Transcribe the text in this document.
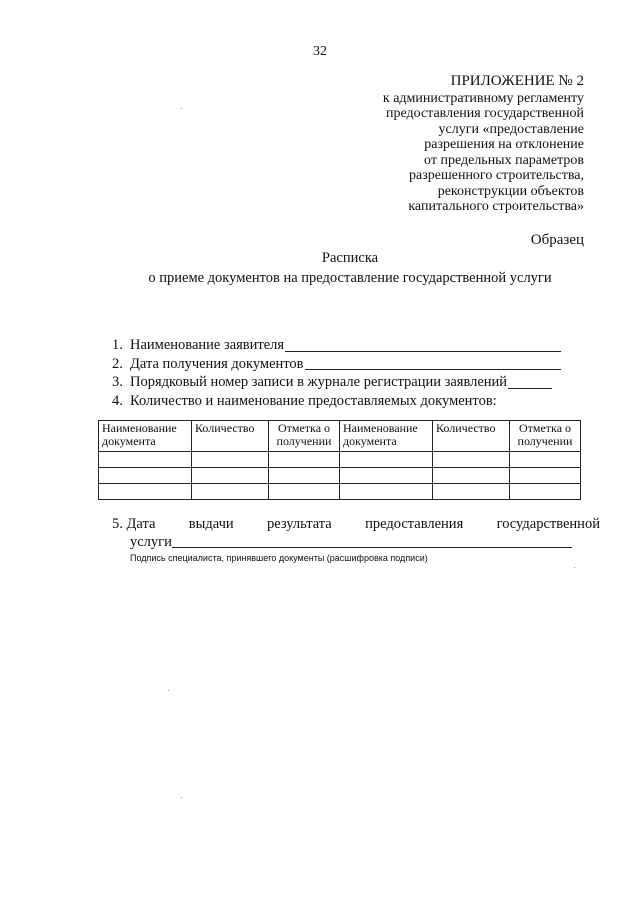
32
ПРИЛОЖЕНИЕ № 2
к административному регламенту
предоставления государственной
услуги «предоставление
разрешения на отклонение
от предельных параметров
разрешенного строительства,
реконструкции объектов
капитального строительства»
Образец
Расписка
о приеме документов на предоставление государственной услуги
1. Наименование заявителя
2. Дата получения документов
3. Порядковый номер записи в журнале регистрации заявлений
4. Количество и наименование предоставляемых документов:
Наименование документа	Количество	Отметка о получении	Наименование документа	Количество	Отметка о получении

5. Дата выдачи результата предоставления государственной
услуги
Подпись специалиста, принявшего документы (расшифровка подписи)
